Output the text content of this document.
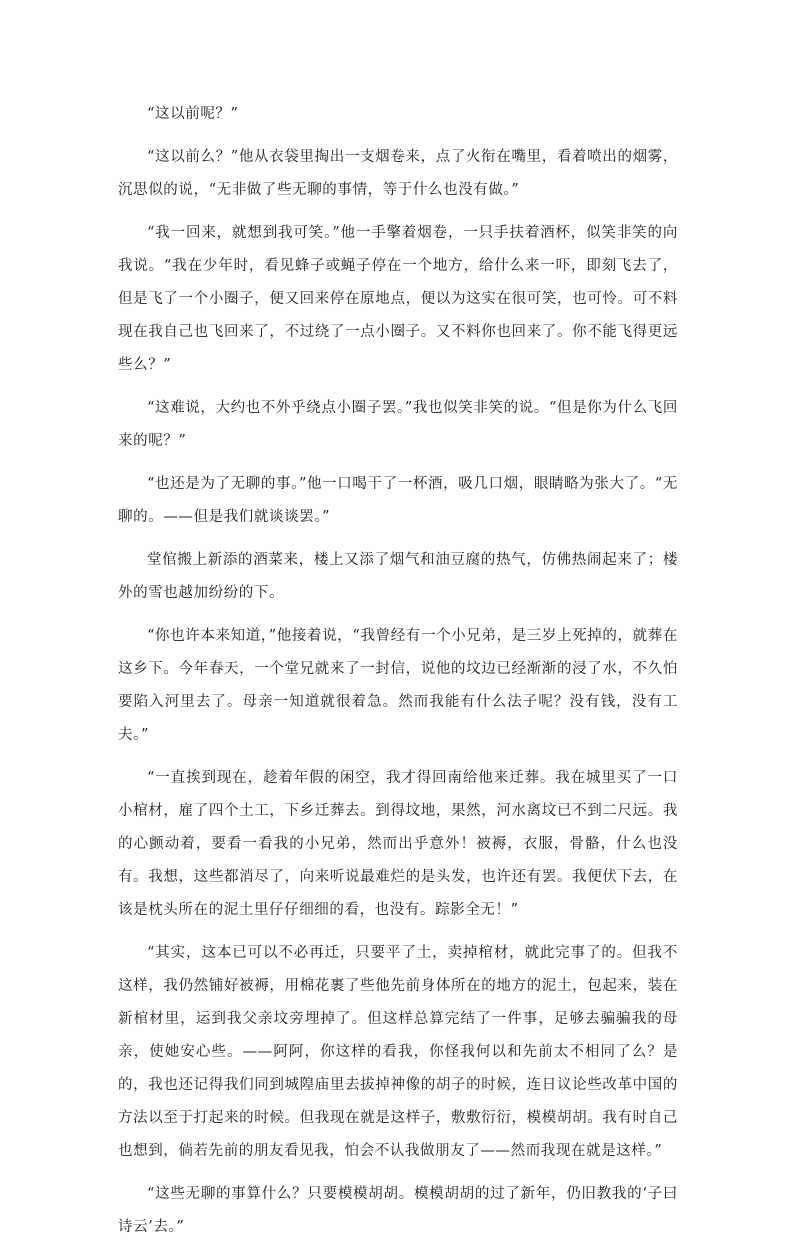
“这以前呢？”

“这以前么？”他从衣袋里掏出一支烟卷来，点了火衔在嘴里，看着喷出的烟雾，沉思似的说，“无非做了些无聊的事情，等于什么也没有做。”

“我一回来，就想到我可笑。”他一手擎着烟卷，一只手扶着酒杯，似笑非笑的向我说。“我在少年时，看见蜂子或蝇子停在一个地方，给什么来一吓，即刻飞去了，但是飞了一个小圈子，便又回来停在原地点，便以为这实在很可笑，也可怜。可不料现在我自己也飞回来了，不过绕了一点小圈子。又不料你也回来了。你不能飞得更远些么？”

“这难说，大约也不外乎绕点小圈子罢。”我也似笑非笑的说。“但是你为什么飞回来的呢？”

“也还是为了无聊的事。”他一口喝干了一杯酒，吸几口烟，眼睛略为张大了。“无聊的。——但是我们就谈谈罢。”

堂倌搬上新添的酒菜来，楼上又添了烟气和油豆腐的热气，仿佛热闹起来了；楼外的雪也越加纷纷的下。

“你也许本来知道，”他接着说，“我曾经有一个小兄弟，是三岁上死掉的，就葬在这乡下。今年春天，一个堂兄就来了一封信，说他的坟边已经渐渐的浸了水，不久怕要陷入河里去了。母亲一知道就很着急。然而我能有什么法子呢？没有钱，没有工夫。”

“一直挨到现在，趁着年假的闲空，我才得回南给他来迁葬。我在城里买了一口小棺材，雇了四个土工，下乡迁葬去。到得坟地，果然，河水离坟已不到二尺远。我的心颤动着，要看一看我的小兄弟，然而出乎意外！被褥，衣服，骨骼，什么也没有。我想，这些都消尽了，向来听说最难烂的是头发，也许还有罢。我便伏下去，在该是枕头所在的泥土里仔仔细细的看，也没有。踪影全无！”

“其实，这本已可以不必再迁，只要平了土，卖掉棺材，就此完事了的。但我不这样，我仍然铺好被褥，用棉花裹了些他先前身体所在的地方的泥土，包起来，装在新棺材里，运到我父亲坟旁埋掉了。但这样总算完结了一件事，足够去骗骗我的母亲，使她安心些。——阿阿，你这样的看我，你怪我何以和先前太不相同了么？是的，我也还记得我们同到城隍庙里去拔掉神像的胡子的时候，连日议论些改革中国的方法以至于打起来的时候。但我现在就是这样子，敷敷衍衍，模模胡胡。我有时自己也想到，倘若先前的朋友看见我，怕会不认我做朋友了——然而我现在就是这样。”

“这些无聊的事算什么？只要模模胡胡。模模胡胡的过了新年，仍旧教我的‘子曰诗云’去。”
